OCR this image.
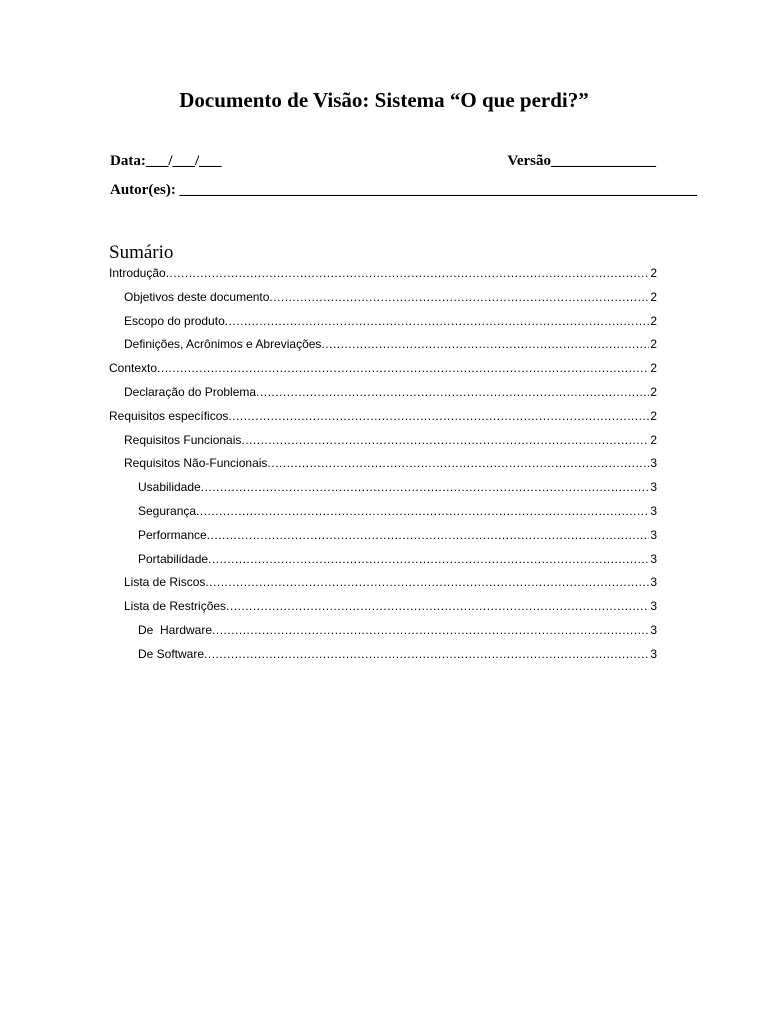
Documento de Visão: Sistema “O que perdi?”
Data:___/___/___	Versão______________
Autor(es): _____________________________________________________________________
Sumário
Introdução .....	2
Objetivos deste documento .....	2
Escopo do produto .....	2
Definições, Acrônimos e Abreviações .....	2
Contexto .....	2
Declaração do Problema .....	2
Requisitos específicos .....	2
Requisitos Funcionais .....	2
Requisitos Não-Funcionais .....	3
Usabilidade .....	3
Segurança .....	3
Performance .....	3
Portabilidade .....	3
Lista de Riscos .....	3
Lista de Restrições .....	3
De  Hardware .....	3
De Software .....	3
